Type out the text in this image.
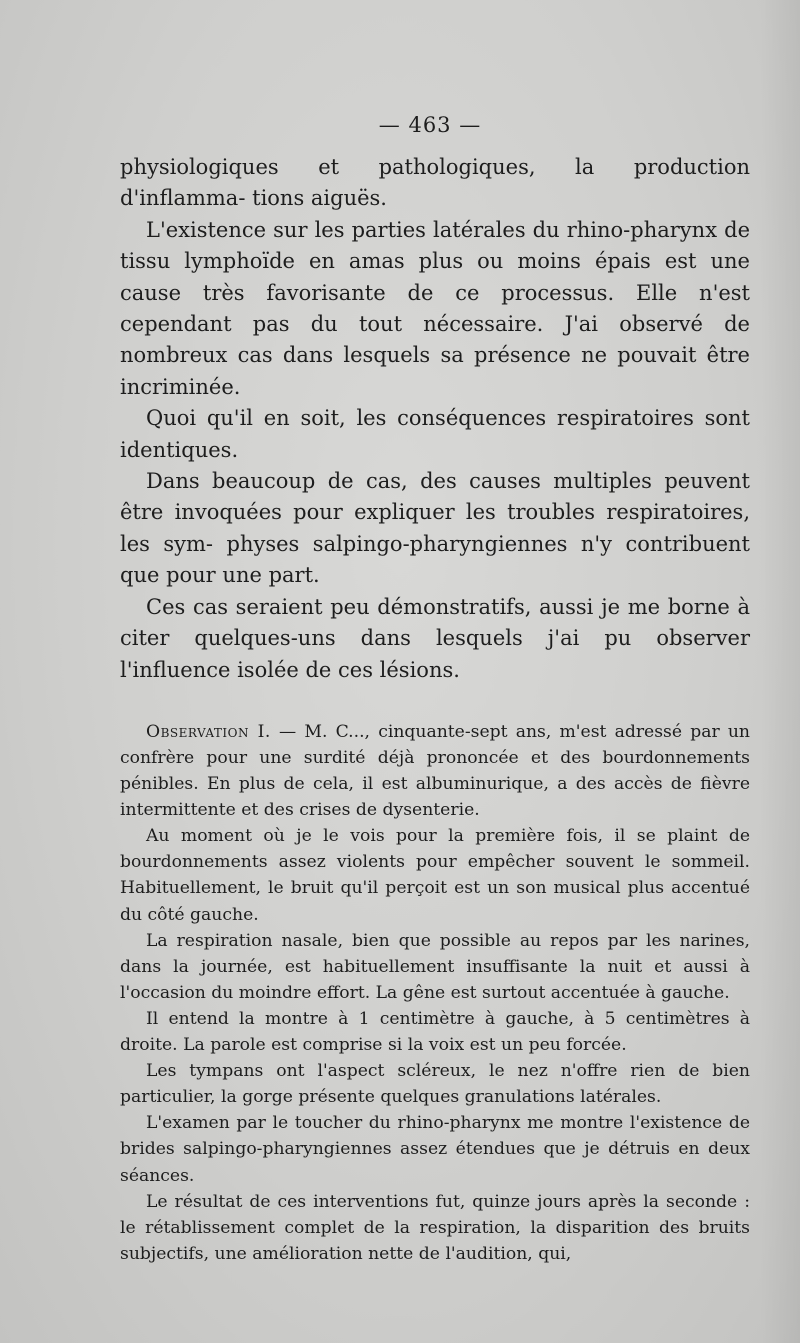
— 463 —

physiologiques et pathologiques, la production d'inflamma- tions aiguës.

L'existence sur les parties latérales du rhino-pharynx de tissu lymphoïde en amas plus ou moins épais est une cause très favorisante de ce processus. Elle n'est cependant pas du tout nécessaire. J'ai observé de nombreux cas dans lesquels sa présence ne pouvait être incriminée.

Quoi qu'il en soit, les conséquences respiratoires sont identiques.

Dans beaucoup de cas, des causes multiples peuvent être invoquées pour expliquer les troubles respiratoires, les sym- physes salpingo-pharyngiennes n'y contribuent que pour une part.

Ces cas seraient peu démonstratifs, aussi je me borne à citer quelques-uns dans lesquels j'ai pu observer l'influence isolée de ces lésions.

Observation I. — M. C..., cinquante-sept ans, m'est adressé par un confrère pour une surdité déjà prononcée et des bourdonnements pénibles. En plus de cela, il est albuminurique, a des accès de fièvre intermittente et des crises de dysenterie.

Au moment où je le vois pour la première fois, il se plaint de bourdonnements assez violents pour empêcher souvent le sommeil. Habituellement, le bruit qu'il perçoit est un son musical plus accentué du côté gauche.

La respiration nasale, bien que possible au repos par les narines, dans la journée, est habituellement insuffisante la nuit et aussi à l'occasion du moindre effort. La gêne est surtout accentuée à gauche.

Il entend la montre à 1 centimètre à gauche, à 5 centimètres à droite. La parole est comprise si la voix est un peu forcée.

Les tympans ont l'aspect scléreux, le nez n'offre rien de bien particulier, la gorge présente quelques granulations latérales.

L'examen par le toucher du rhino-pharynx me montre l'existence de brides salpingo-pharyngiennes assez étendues que je détruis en deux séances.

Le résultat de ces interventions fut, quinze jours après la seconde : le rétablissement complet de la respiration, la disparition des bruits subjectifs, une amélioration nette de l'audition, qui,
